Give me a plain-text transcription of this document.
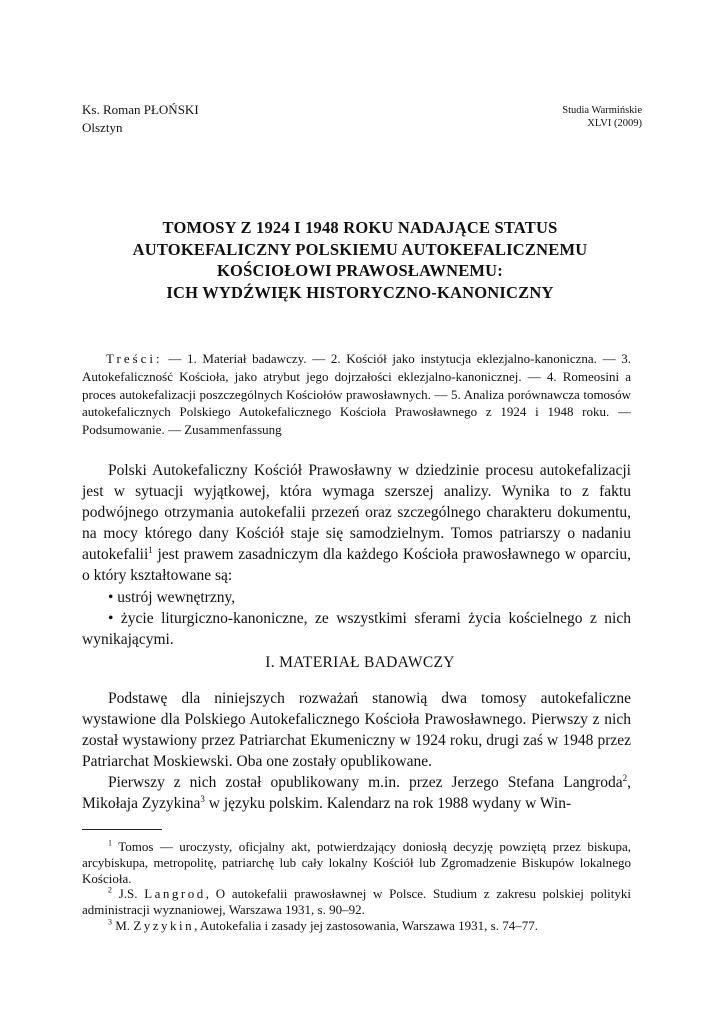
Ks. Roman PŁOŃSKI
Olsztyn
Studia Warmińskie
XLVI (2009)
TOMOSY Z 1924 I 1948 ROKU NADAJĄCE STATUS
AUTOKEFALICZNY POLSKIEMU AUTOKEFALICZNEMU
KOŚCIOŁOWI PRAWOSŁAWNEMU:
ICH WYDŹWIĘK HISTORYCZNO-KANONICZNY
Treści: — 1. Materiał badawczy. — 2. Kościół jako instytucja eklezjalno-kanoniczna. — 3. Autokefaliczność Kościoła, jako atrybut jego dojrzałości eklezjalno-kanonicznej. — 4. Romeosini a proces autokefalizacji poszczególnych Kościołów prawosławnych. — 5. Analiza porównawcza tomosów autokefalicznych Polskiego Autokefalicznego Kościoła Prawosławnego z 1924 i 1948 roku. — Podsumowanie. — Zusammenfassung

Polski Autokefaliczny Kościół Prawosławny w dziedzinie procesu autokefalizacji jest w sytuacji wyjątkowej, która wymaga szerszej analizy. Wynika to z faktu podwójnego otrzymania autokefalii przezeń oraz szczególnego charakteru dokumentu, na mocy którego dany Kościół staje się samodzielnym. Tomos patriarszy o nadaniu autokefalii$^1$ jest prawem zasadniczym dla każdego Kościoła prawosławnego w oparciu, o który kształtowane są:

• ustrój wewnętrzny,

• życie liturgiczno-kanoniczne, ze wszystkimi sferami życia kościelnego z nich wynikającymi.

I. MATERIAŁ BADAWCZY

Podstawę dla niniejszych rozważań stanowią dwa tomosy autokefaliczne wystawione dla Polskiego Autokefalicznego Kościoła Prawosławnego. Pierwszy z nich został wystawiony przez Patriarchat Ekumeniczny w 1924 roku, drugi zaś w 1948 przez Patriarchat Moskiewski. Oba one zostały opublikowane.

Pierwszy z nich został opublikowany m.in. przez Jerzego Stefana Langroda$^2$, Mikołaja Zyzykina$^3$ w języku polskim. Kalendarz na rok 1988 wydany w Win-

$^1$ Tomos — uroczysty, oficjalny akt, potwierdzający doniosłą decyzję powziętą przez biskupa, arcybiskupa, metropolitę, patriarchę lub cały lokalny Kościół lub Zgromadzenie Biskupów lokalnego Kościoła.

$^2$ J.S. Langrod, O autokefalii prawosławnej w Polsce. Studium z zakresu polskiej polityki administracji wyznaniowej, Warszawa 1931, s. 90–92.

$^3$ M. Zyzykin, Autokefalia i zasady jej zastosowania, Warszawa 1931, s. 74–77.
